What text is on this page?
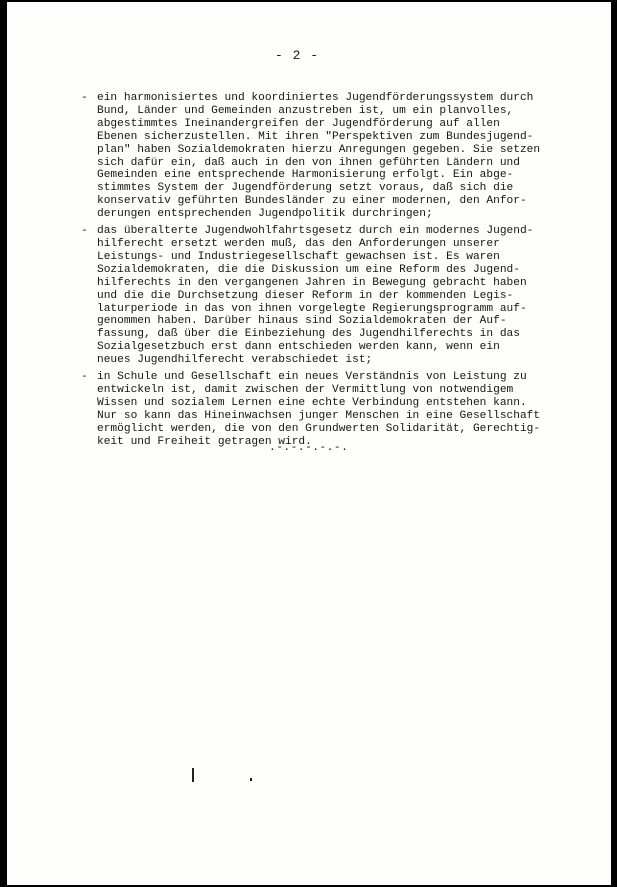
- 2 -
- ein harmonisiertes und koordiniertes Jugendförderungssystem durch
Bund, Länder und Gemeinden anzustreben ist, um ein planvolles,
abgestimmtes Ineinandergreifen der Jugendförderung auf allen
Ebenen sicherzustellen. Mit ihren "Perspektiven zum Bundesjugend-
plan" haben Sozialdemokraten hierzu Anregungen gegeben. Sie setzen
sich dafür ein, daß auch in den von ihnen geführten Ländern und
Gemeinden eine entsprechende Harmonisierung erfolgt. Ein abge-
stimmtes System der Jugendförderung setzt voraus, daß sich die
konservativ geführten Bundesländer zu einer modernen, den Anfor-
derungen entsprechenden Jugendpolitik durchringen;
- das überalterte Jugendwohlfahrtsgesetz durch ein modernes Jugend-
hilferecht ersetzt werden muß, das den Anforderungen unserer
Leistungs- und Industriegesellschaft gewachsen ist. Es waren
Sozialdemokraten, die die Diskussion um eine Reform des Jugend-
hilferechts in den vergangenen Jahren in Bewegung gebracht haben
und die die Durchsetzung dieser Reform in der kommenden Legis-
laturperiode in das von ihnen vorgelegte Regierungsprogramm auf-
genommen haben. Darüber hinaus sind Sozialdemokraten der Auf-
fassung, daß über die Einbeziehung des Jugendhilferechts in das
Sozialgesetzbuch erst dann entschieden werden kann, wenn ein
neues Jugendhilferecht verabschiedet ist;
- in Schule und Gesellschaft ein neues Verständnis von Leistung zu
entwickeln ist, damit zwischen der Vermittlung von notwendigem
Wissen und sozialem Lernen eine echte Verbindung entstehen kann.
Nur so kann das Hineinwachsen junger Menschen in eine Gesellschaft
ermöglicht werden, die von den Grundwerten Solidarität, Gerechtig-
keit und Freiheit getragen wird.
.-.-.-.-.-.
